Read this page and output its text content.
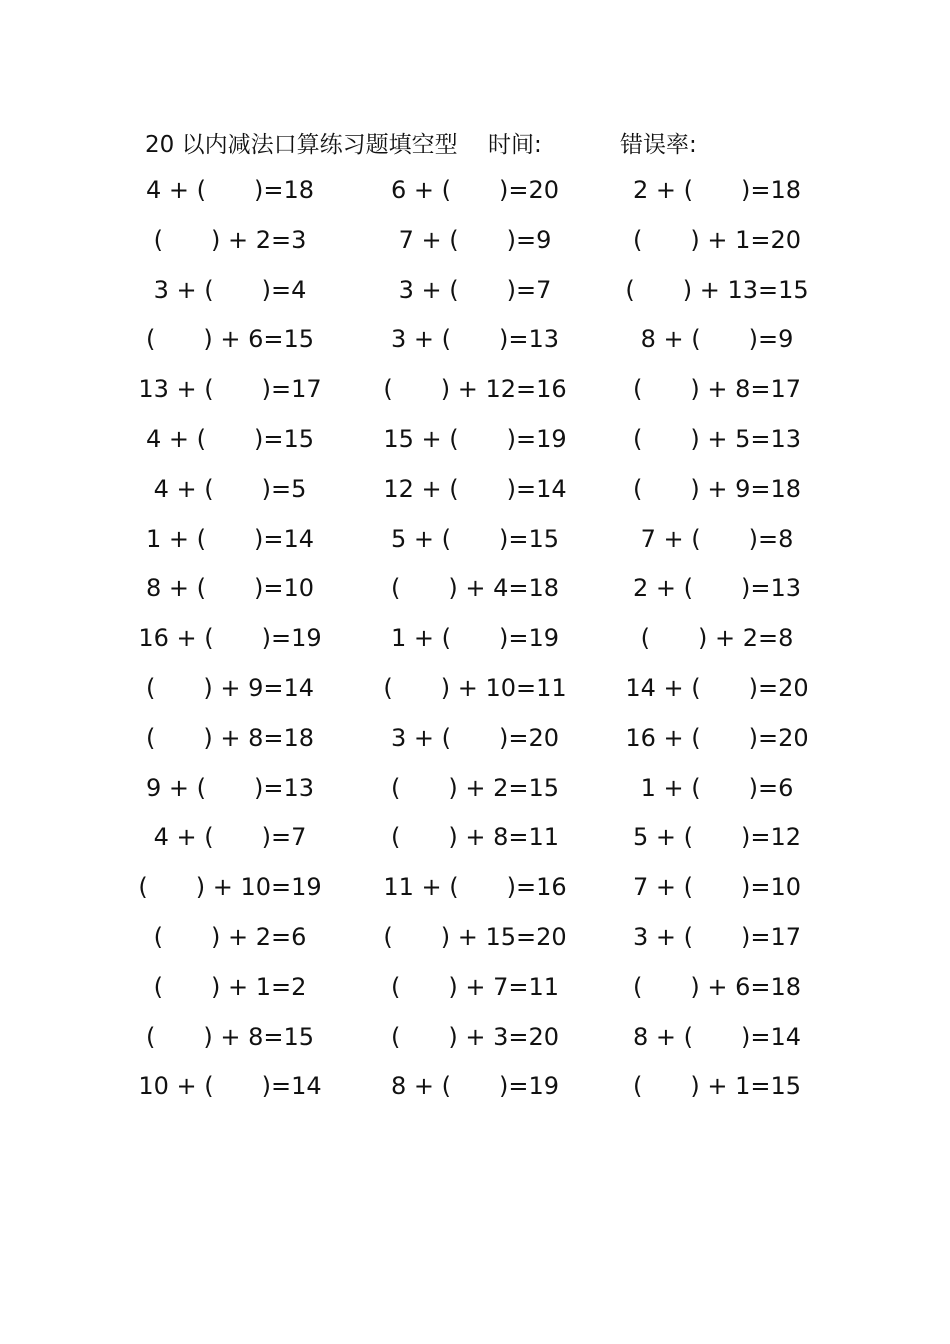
20 以内减法口算练习题填空型 时间:	错误率:
4 + (　　)=18	6 + (　　)=20	2 + (　　)=18
(　　) + 2=3	7 + (　　)=9	(　　) + 1=20
3 + (　　)=4	3 + (　　)=7	(　　) + 13=15
(　　) + 6=15	3 + (　　)=13	8 + (　　)=9
13 + (　　)=17	(　　) + 12=16	(　　) + 8=17
4 + (　　)=15	15 + (　　)=19	(　　) + 5=13
4 + (　　)=5	12 + (　　)=14	(　　) + 9=18
1 + (　　)=14	5 + (　　)=15	7 + (　　)=8
8 + (　　)=10	(　　) + 4=18	2 + (　　)=13
16 + (　　)=19	1 + (　　)=19	(　　) + 2=8
(　　) + 9=14	(　　) + 10=11	14 + (　　)=20
(　　) + 8=18	3 + (　　)=20	16 + (　　)=20
9 + (　　)=13	(　　) + 2=15	1 + (　　)=6
4 + (　　)=7	(　　) + 8=11	5 + (　　)=12
(　　) + 10=19	11 + (　　)=16	7 + (　　)=10
(　　) + 2=6	(　　) + 15=20	3 + (　　)=17
(　　) + 1=2	(　　) + 7=11	(　　) + 6=18
(　　) + 8=15	(　　) + 3=20	8 + (　　)=14
10 + (　　)=14	8 + (　　)=19	(　　) + 1=15
